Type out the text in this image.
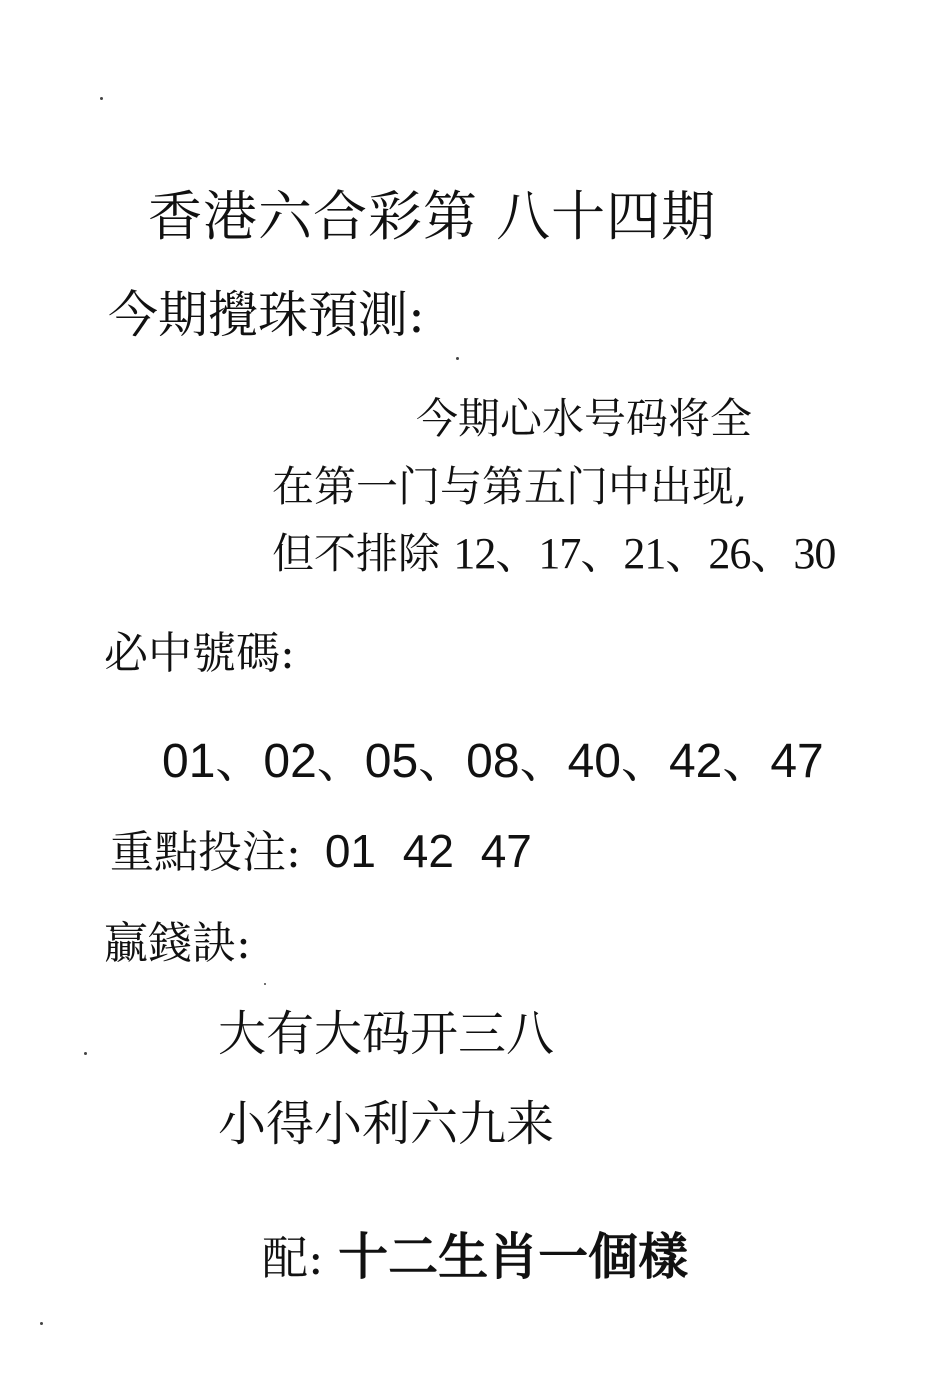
香港六合彩第 八十四期
今期攪珠預測:
今期心水号码将全
在第一门与第五门中出现,
但不排除 12、17、21、26、30
必中號碼:
01、02、05、08、40、42、47
重點投注: 01 42 47
贏錢訣:
大有大码开三八
小得小利六九来
配: 十二生肖一個樣
